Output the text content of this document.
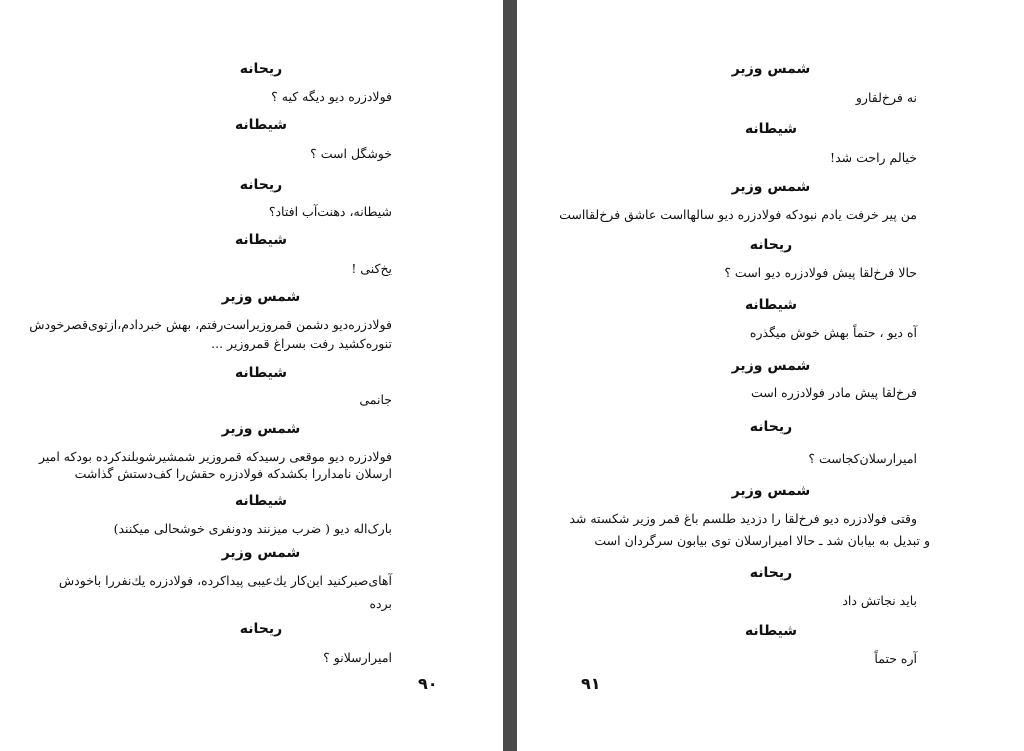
ریحانه
فولادزره دیو دیگه کیه ؟
شیطانه
خوشگل است ؟
ریحانه
شیطانه، دهنت‌آب افتاد؟
شیطانه
یخ‌کنی !
شمس وزیر
فولادزره‌دیو دشمن قمروزیراست‌رفتم، بهش خبردادم،ازتوی‌قصرخودش
تنوره‌کشید رفت بسراغ قمروزیر ...
شیطانه
جانمی
شمس وزیر
فولادزره دیو موقعی رسیدکه قمروزیر شمشیرشوبلندکرده بودکه امیر
ارسلان نامداررا بکشدکه فولادزره حقش‌را کف‌دستش گذاشت
شیطانه
بارک‌اله دیو ( ضرب میزنند ودونفری خوشحالی میکنند)
شمس وزیر
آهای‌صبرکنید این‌کار یك‌عیبی پیداکرده، فولادزره یك‌نفررا باخودش
برده
ریحانه
امیرارسلانو ؟
۹۰
شمس وزیر
نه فرخ‌لقارو
شیطانه
خیالم راحت شد!
شمس وزیر
من پیر خرفت یادم نبودکه فولادزره دیو سالهااست عاشق فرخ‌لقااست
ریحانه
حالا فرخ‌لقا پیش فولادزره دیو است ؟
شیطانه
آ‌ه دیو ، حتماً بهش خوش میگذره
شمس وزیر
فرخ‌لقا پیش مادر فولادزره است
ریحانه
امیرارسلان‌کجاست ؟
شمس وزیر
وقتی فولادزره دیو فرخ‌لقا را دزدید طلسم باغ قمر وزیر شکسته شد
و تبدیل به بیابان شد ـ حالا امیرارسلان توی بیابون سرگردان است
ریحانه
باید نجاتش داد
شیطانه
آره حتماً
۹۱
